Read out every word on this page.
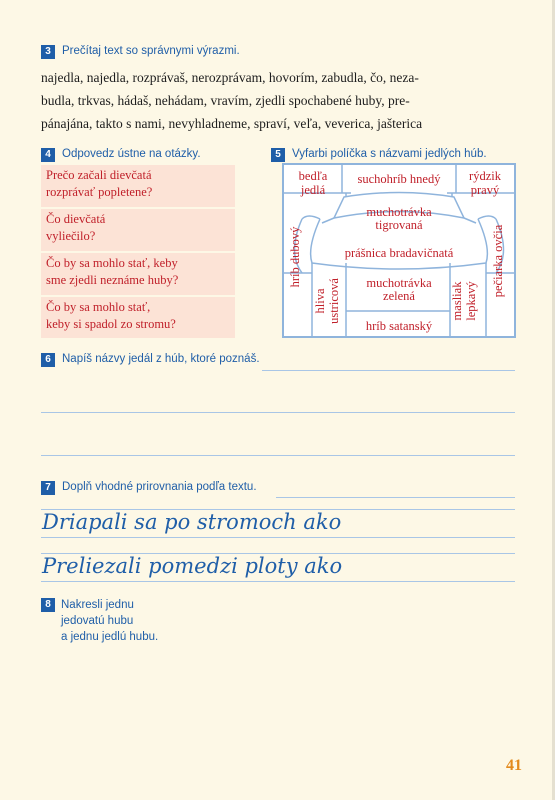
3 Prečítaj text so správnymi výrazmi.
najedla, najedla, rozprávaš, nerozprávam, hovorím, zabudla, čo, neza-
budla, trkvas, hádaš, nehádam, vravím, zjedli spochabené huby, pre-
pánajána, takto s nami, nevyhladneme, spraví, veľa, veverica, jašterica
4 Odpovedz ústne na otázky.
Prečo začali dievčatá
rozprávať popletene?
Čo dievčatá
vyliečilo?
Čo by sa mohlo stať, keby
sme zjedli neznáme huby?
Čo by sa mohlo stať,
keby si spadol zo stromu?
5 Vyfarbi políčka s názvami jedlých húb.
bedľa
jedlá
suchohríb hnedý rýdzik
pravý
muchotrávka
tigrovaná
prášnica bradavičnatá
muchotrávka
zelená
hríb satanský
hríb dubový	pečiarka ovčia
hliva ustricová	masliak lepkavý
6 Napíš názvy jedál z húb, ktoré poznáš.
7 Doplň vhodné prirovnania podľa textu.
Driapali sa po stromoch ako
Preliezali pomedzi ploty ako
8 Nakresli jednu
jedovatú hubu
a jednu jedlú hubu.
41
